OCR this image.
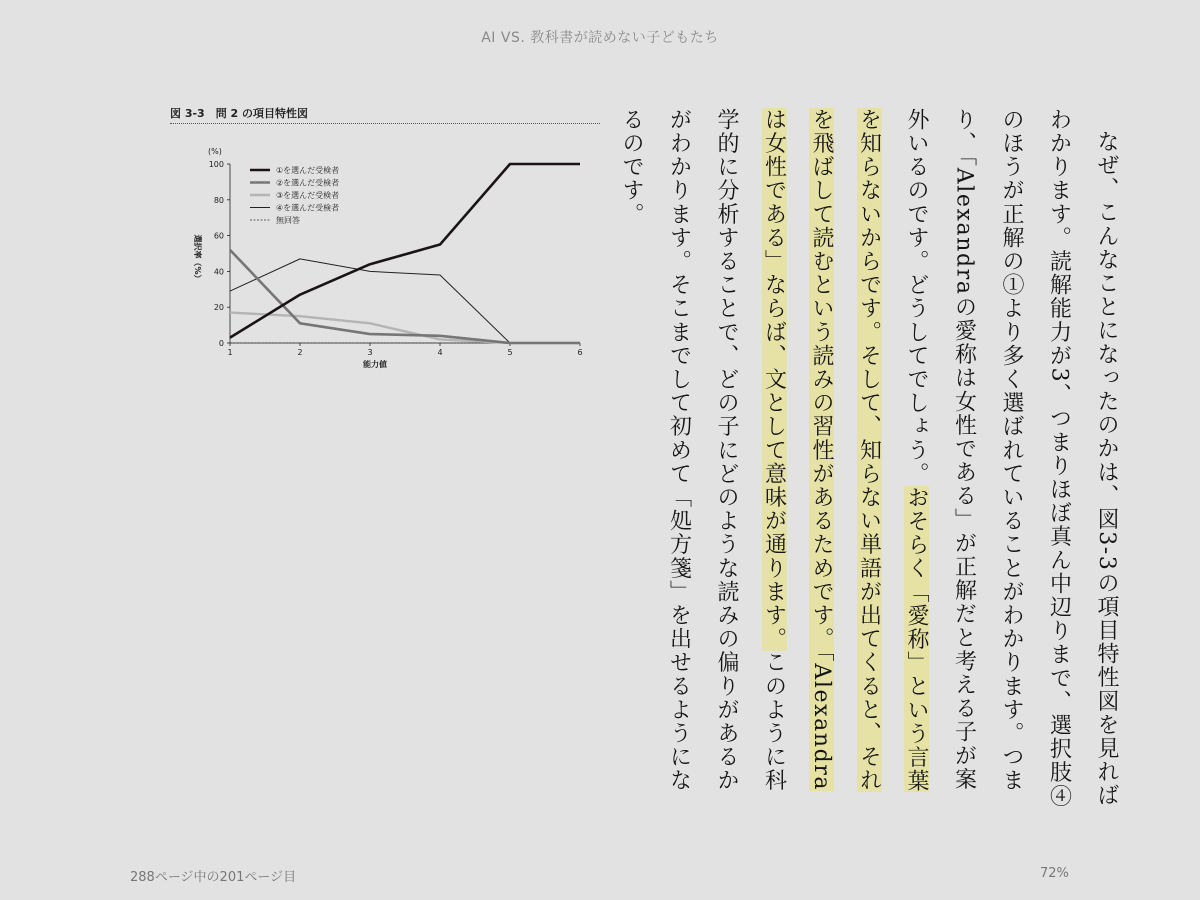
AI VS. 教科書が読めない子どもたち
図 3-3　問 2 の項目特性図
(%)
0
20
40
60
80
100
1	2	3	4	5	6
能力値
選択率（%）
①を選んだ受検者
②を選んだ受検者
③を選んだ受検者
④を選んだ受検者
無回答	なぜ、こんなことになったのかは、図3-3の項目特性図を見ればわかります。読解能力が3、つまりほぼ真ん中辺りまで、選択肢④のほうが正解の①より多く選ばれていることがわかります。つまり、「Alexandraの愛称は女性である」が正解だと考える子が案外いるのです。どうしてでしょう。おそらく「愛称」という言葉を知らないからです。そして、知らない単語が出てくると、それを飛ばして読むという読みの習性があるためです。「Alexandraは女性である」ならば、文として意味が通ります。このように科学的に分析することで、どの子にどのような読みの偏りがあるかがわかります。そこまでして初めて「処方箋」を出せるようになるのです。

288ページ中の201ページ目	72%
